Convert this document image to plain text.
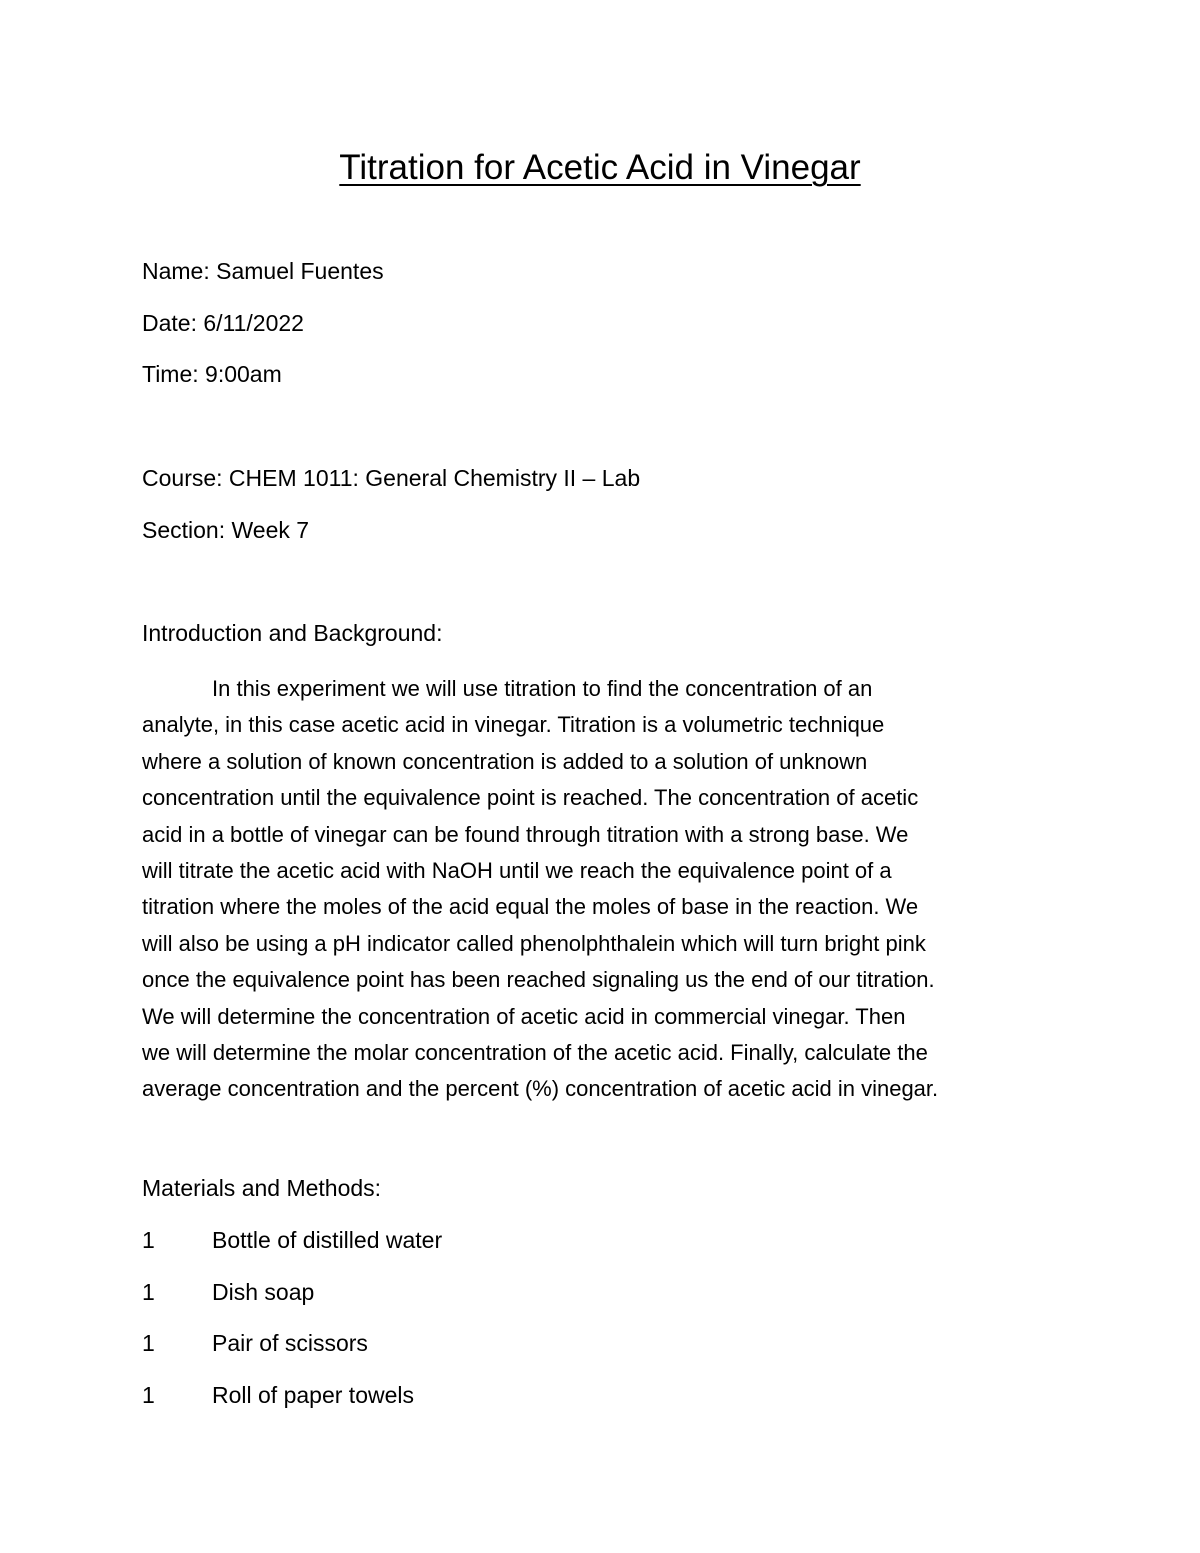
Titration for Acetic Acid in Vinegar
Name: Samuel Fuentes
Date: 6/11/2022
Time: 9:00am
Course: CHEM 1011: General Chemistry II – Lab
Section: Week 7
Introduction and Background:
In this experiment we will use titration to find the concentration of an
analyte, in this case acetic acid in vinegar. Titration is a volumetric technique
where a solution of known concentration is added to a solution of unknown
concentration until the equivalence point is reached. The concentration of acetic
acid in a bottle of vinegar can be found through titration with a strong base. We
will titrate the acetic acid with NaOH until we reach the equivalence point of a
titration where the moles of the acid equal the moles of base in the reaction. We
will also be using a pH indicator called phenolphthalein which will turn bright pink
once the equivalence point has been reached signaling us the end of our titration.
We will determine the concentration of acetic acid in commercial vinegar. Then
we will determine the molar concentration of the acetic acid. Finally, calculate the
average concentration and the percent (%) concentration of acetic acid in vinegar.
Materials and Methods:
1 Bottle of distilled water
1 Dish soap
1 Pair of scissors
1 Roll of paper towels
